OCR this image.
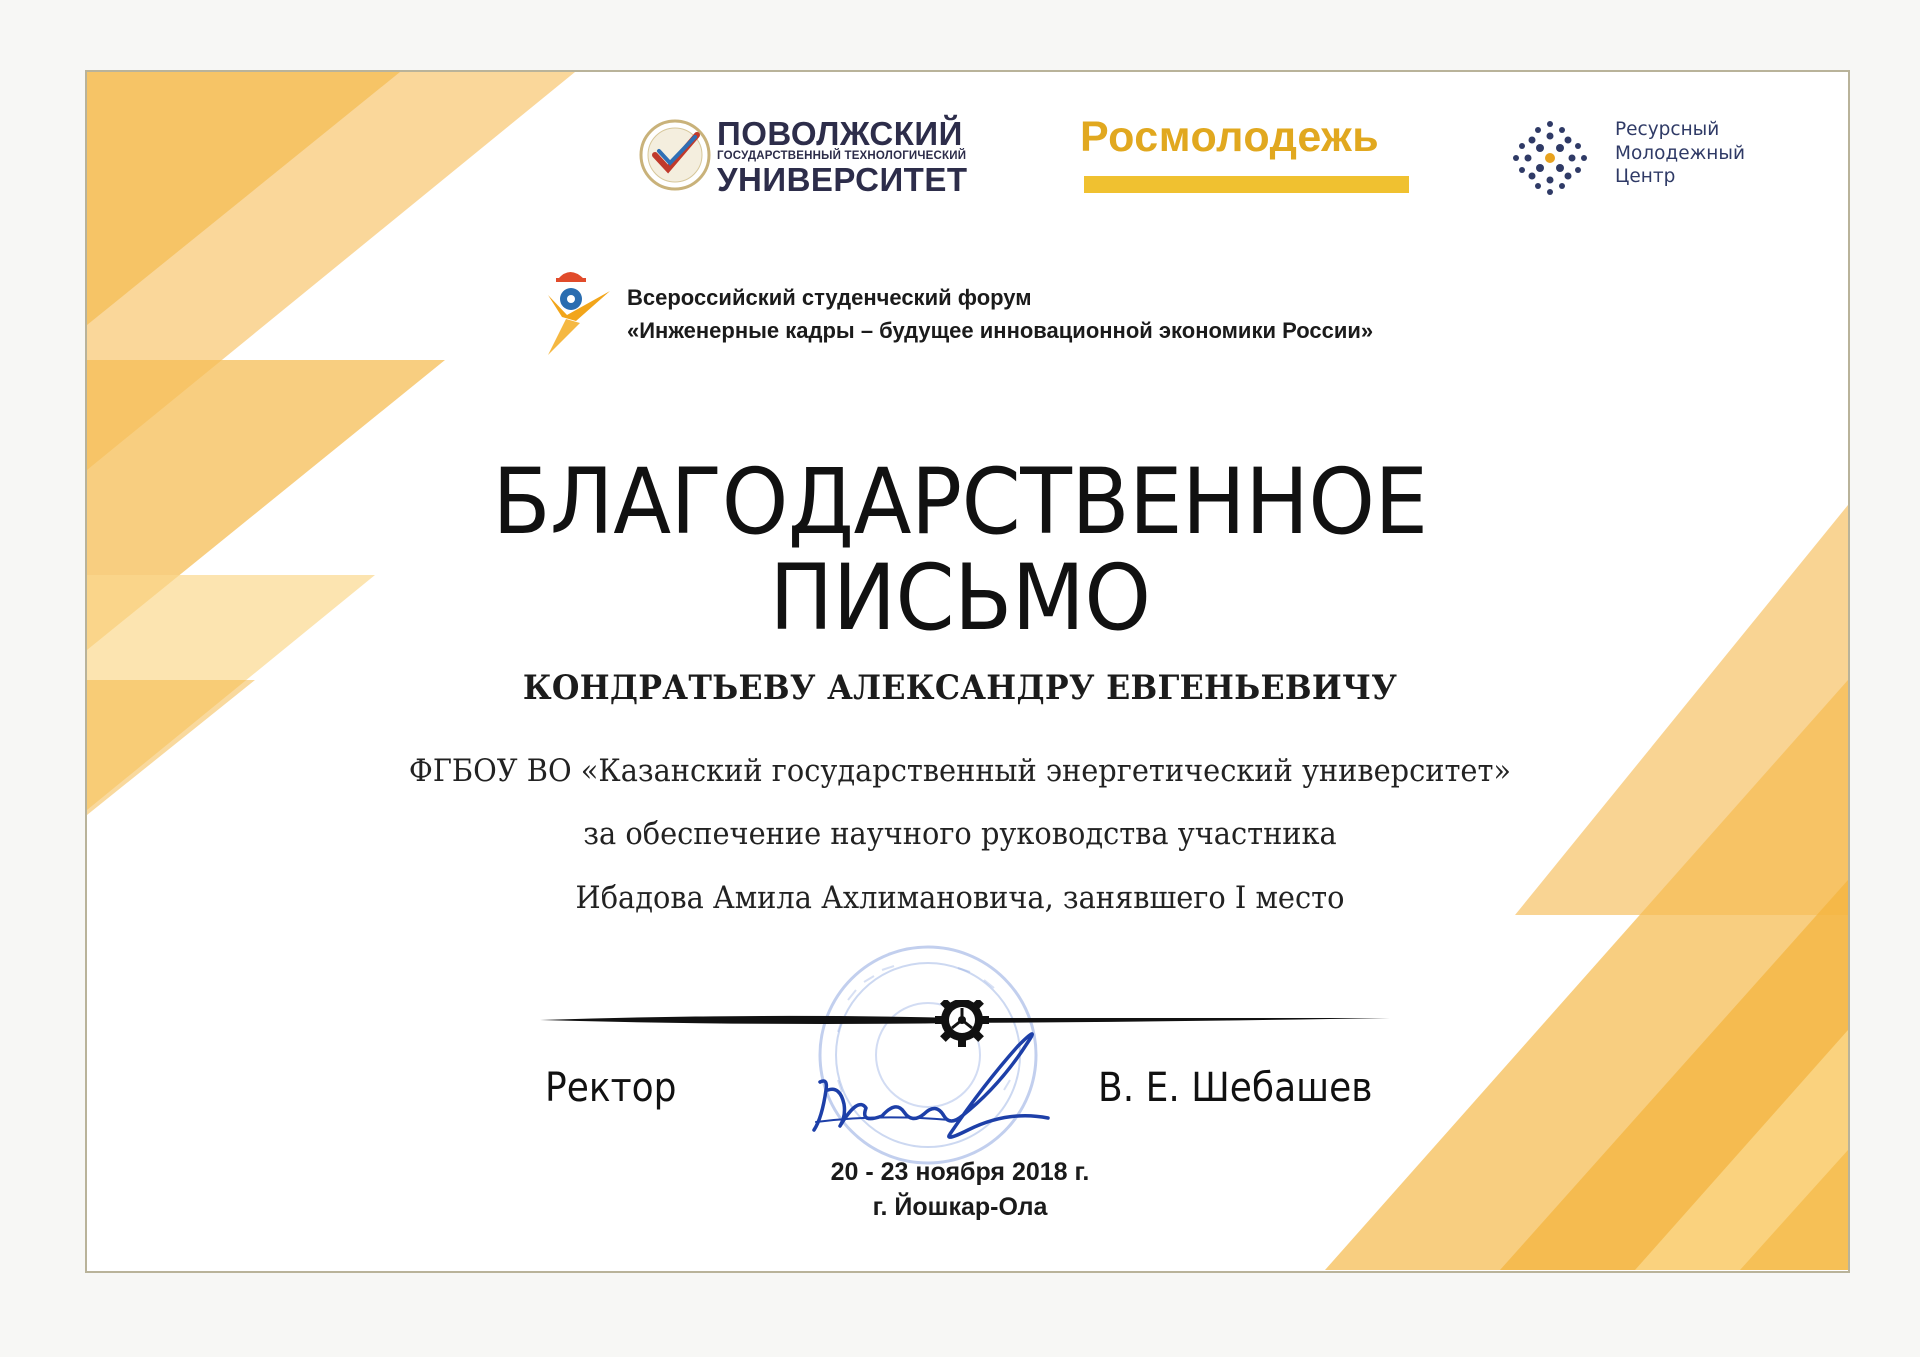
ПОВОЛЖСКИЙ
ГОСУДАРСТВЕННЫЙ ТЕХНОЛОГИЧЕСКИЙ
УНИВЕРСИТЕТ
Росмолодежь	Ресурсный
Молодежный
Центр
Всероссийский студенческий форум
«Инженерные кадры – будущее инновационной экономики России»
БЛАГОДАРСТВЕННОЕ
ПИСЬМО
КОНДРАТЬЕВУ АЛЕКСАНДРУ ЕВГЕНЬЕВИЧУ
ФГБОУ ВО «Казанский государственный энергетический университет»
за обеспечение научного руководства участника
Ибадова Амила Ахлимановича, занявшего I место
Ректор	В. Е. Шебашев
20 - 23 ноября 2018 г.
г. Йошкар-Ола
